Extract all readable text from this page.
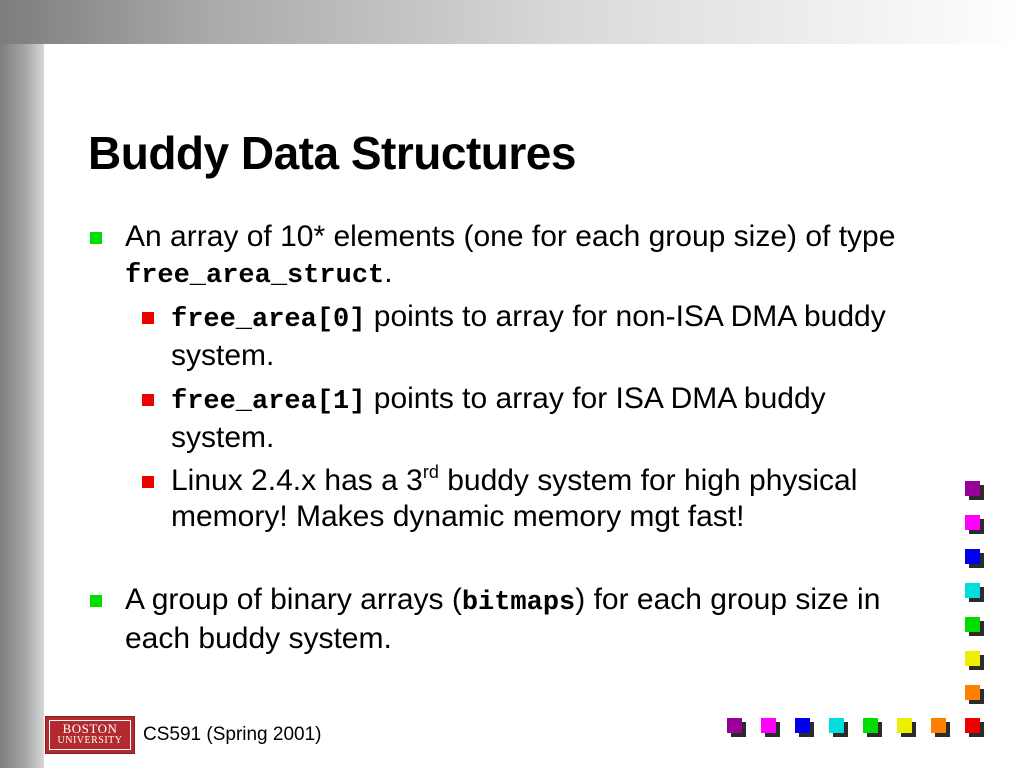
Buddy Data Structures
An array of 10* elements (one for each group size) of type free_area_struct.
free_area[0] points to array for non-ISA DMA buddy system.
free_area[1] points to array for ISA DMA buddy system.
Linux 2.4.x has a 3rd buddy system for high physical memory! Makes dynamic memory mgt fast!
A group of binary arrays (bitmaps) for each group size in each buddy system.
BOSTON
UNIVERSITY CS591 (Spring 2001)
